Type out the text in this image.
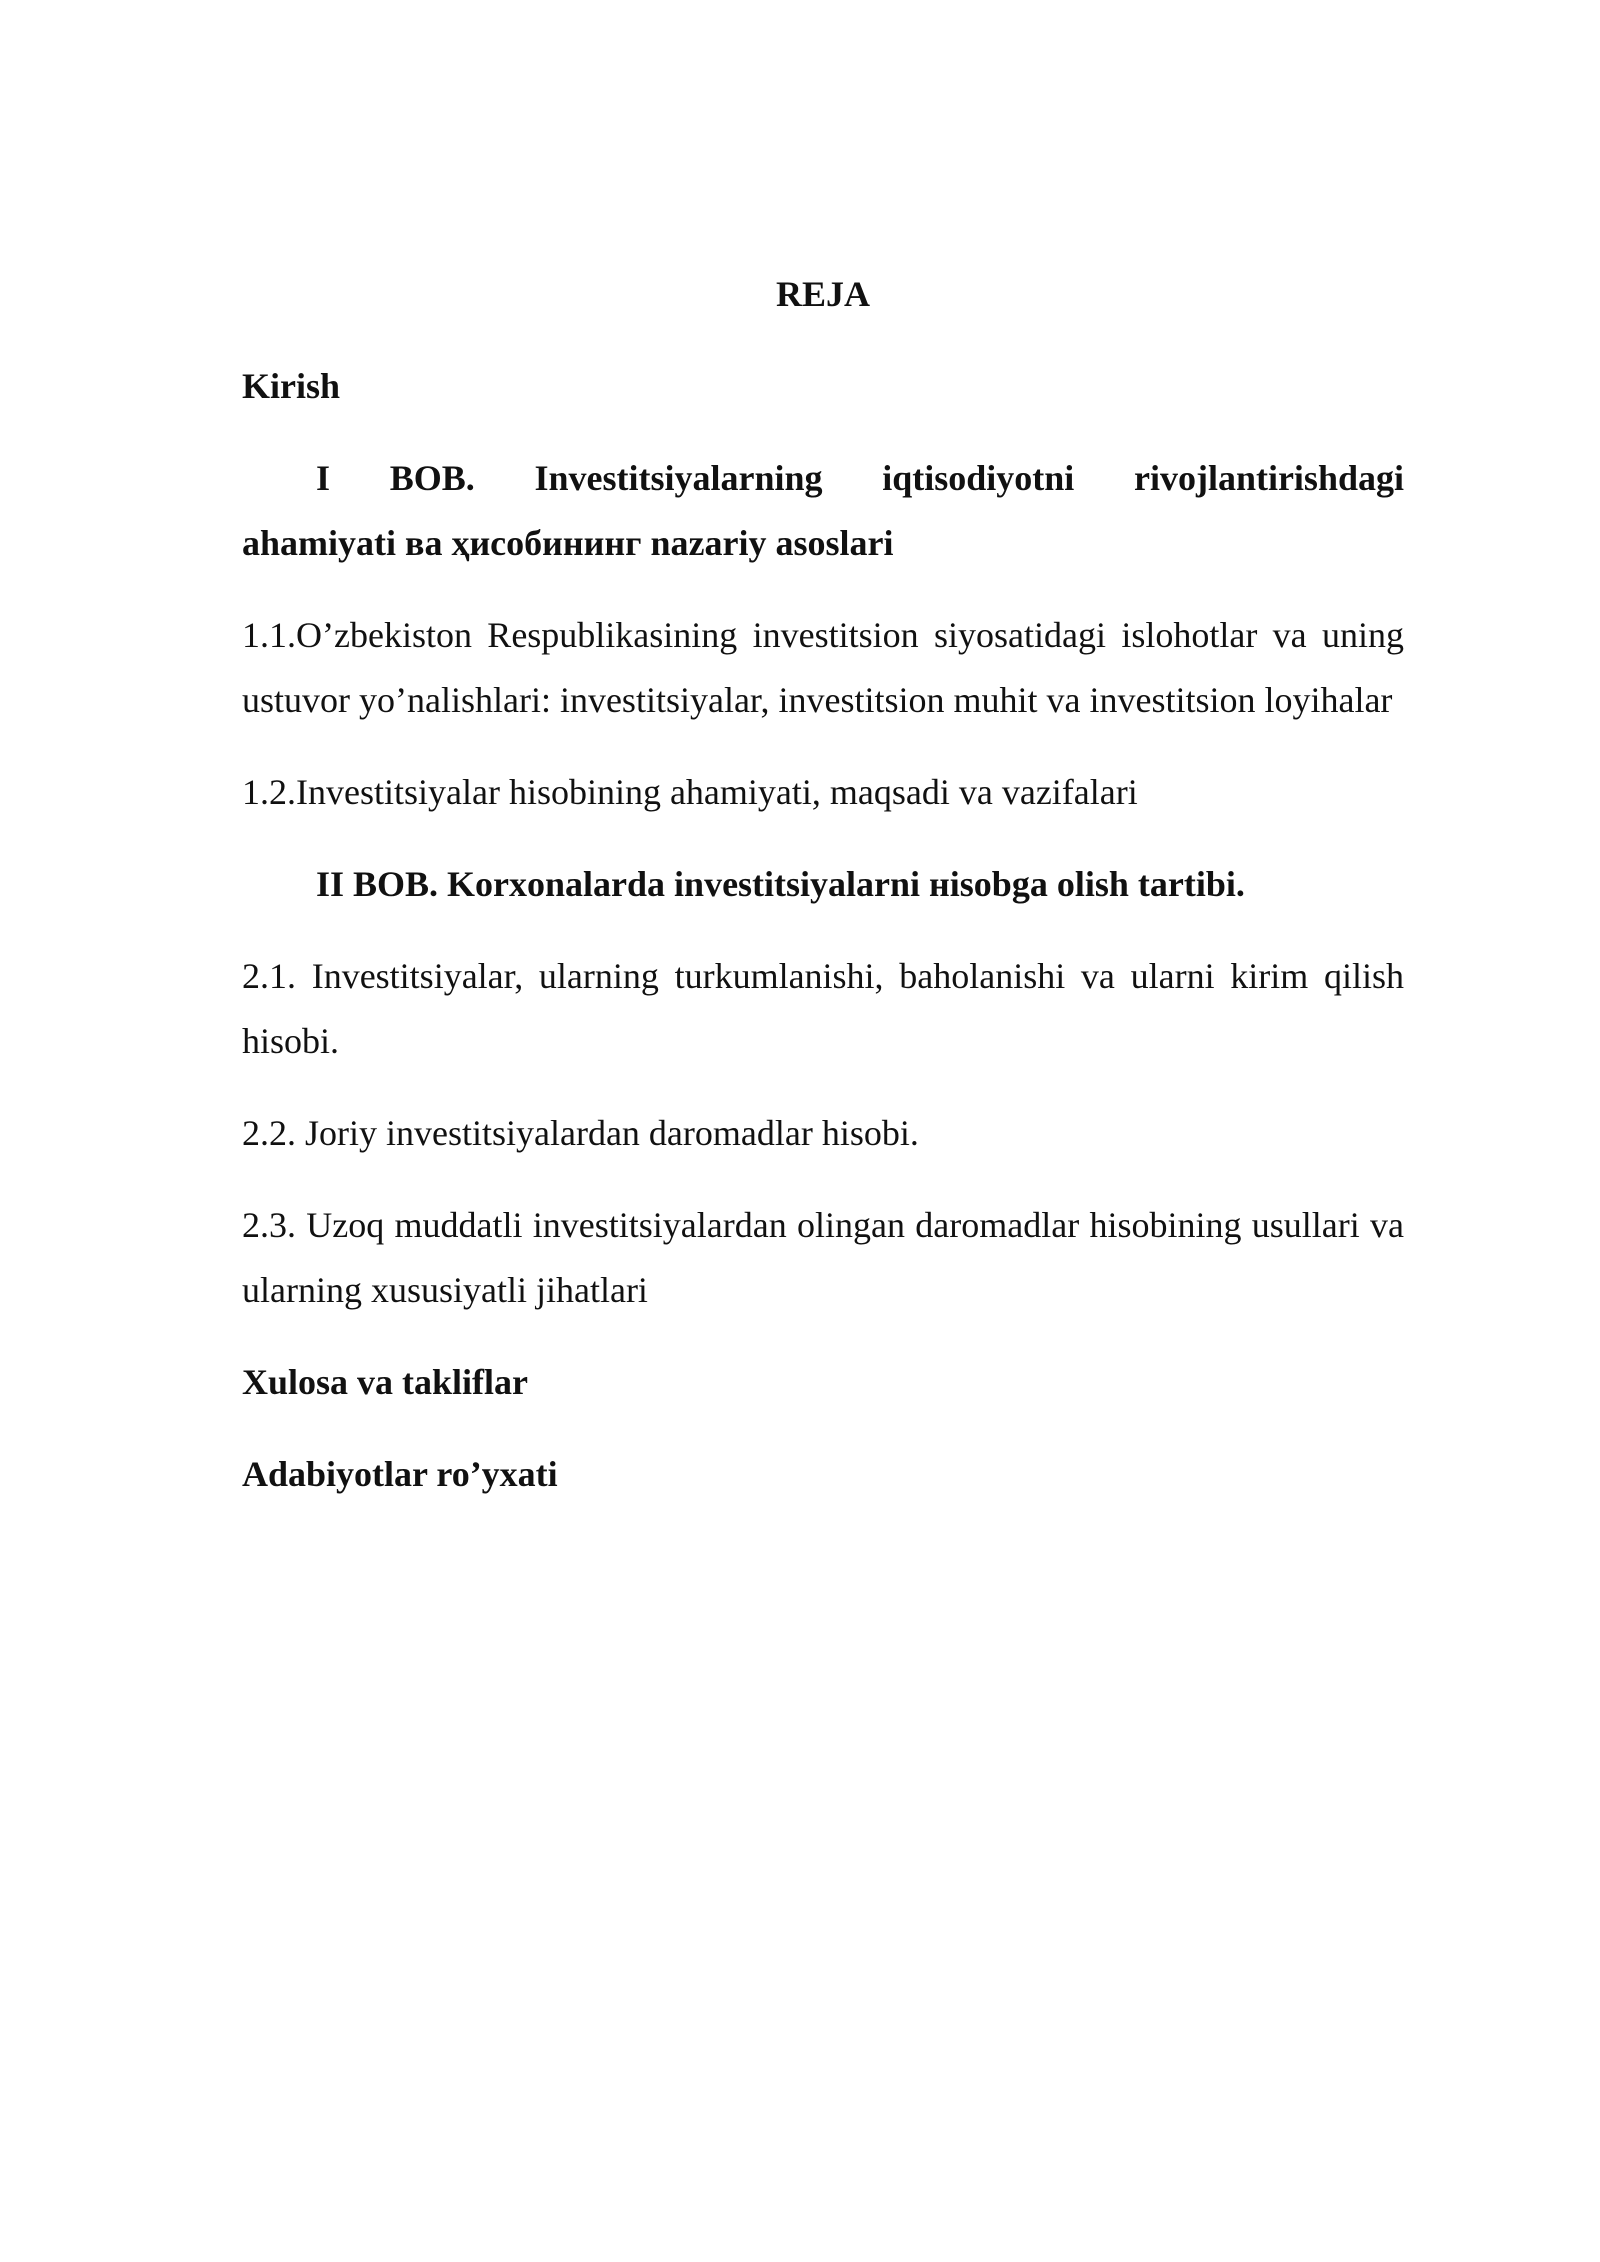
REJA
Kirish
I BOB. Investitsiyalarning iqtisodiyotni rivojlantirishdagi
ahamiyati ва ҳисобининг nazariy asoslari
1.1.O’zbekiston Respublikasining investitsion siyosatidagi islohotlar va uning ustuvor yo’nalishlari: investitsiyalar, investitsion muhit va investitsion loyihalar
1.2.Investitsiyalar hisobining ahamiyati, maqsadi va vazifalari
II BOB. Korxonalarda investitsiyalarni нisobga olish tartibi.
2.1. Investitsiyalar, ularning turkumlanishi, baholanishi va ularni kirim qilish hisobi.
2.2. Joriy investitsiyalardan daromadlar hisobi.
2.3. Uzoq muddatli investitsiyalardan olingan daromadlar hisobining usullari va ularning xususiyatli jihatlari
Xulosa va takliflar
Adabiyotlar ro’yxati
